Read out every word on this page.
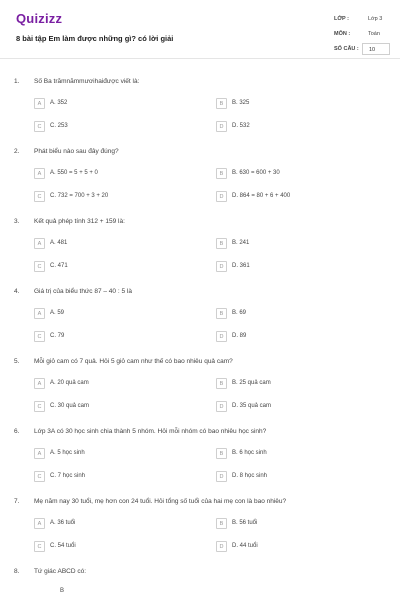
Quizizz
8 bài tập Em làm được những gì? có lời giải
LỚP :	Lớp 3
MÔN :	Toán
SỐ CÂU : 10
1. Số Ba trămnămmươihaiđược viết là:
A	A. 352	B	B. 325
C	C. 253	D	D. 532
2. Phát biểu nào sau đây đúng?
A	A. 550 = 5 + 5 + 0	B	B. 630 = 600 + 30
C	C. 732 = 700 + 3 + 20	D	D. 864 = 80 + 6 + 400
3. Kết quả phép tính 312 + 159 là:
A	A. 481	B	B. 241
C	C. 471	D	D. 361
4. Giá trị của biểu thức 87 – 40 : 5 là
A	A. 59	B	B. 69
C	C. 79	D	D. 89
5. Mỗi giỏ cam có 7 quả. Hỏi 5 giỏ cam như thế có bao nhiêu quả cam?
A	A. 20 quả cam	B	B. 25 quả cam
C	C. 30 quả cam	D	D. 35 quả cam
6. Lớp 3A có 30 học sinh chia thành 5 nhóm. Hỏi mỗi nhóm có bao nhiêu học sinh?
A	A. 5 học sinh	B	B. 6 học sinh
C	C. 7 học sinh	D	D. 8 học sinh
7. Mẹ năm nay 30 tuổi, mẹ hơn con 24 tuổi. Hỏi tổng số tuổi của hai mẹ con là bao nhiêu?
A	A. 36 tuổi	B	B. 56 tuổi
C	C. 54 tuổi	D	D. 44 tuổi
8. Tứ giác ABCD có:
B
